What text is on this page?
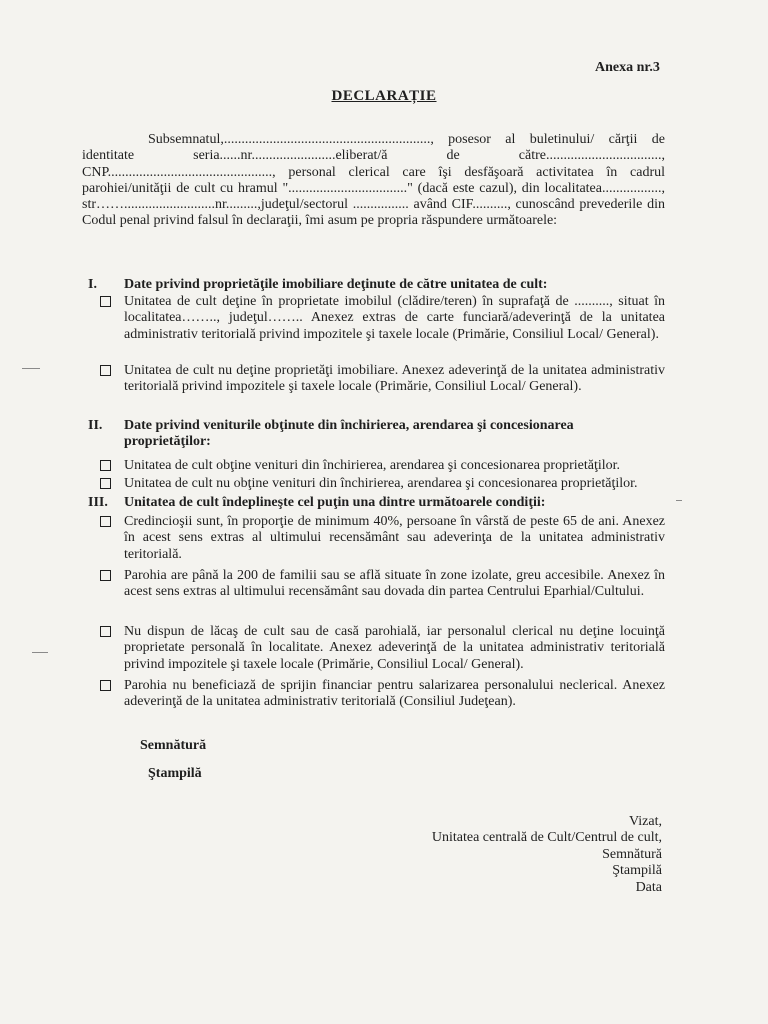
Anexa nr.3
DECLARAȚIE

Subsemnatul,..........................................................., posesor al buletinului/ cărţii de identitate seria......nr........................eliberat/ă de către................................., CNP..............................................., personal clerical care îşi desfăşoară activitatea în cadrul parohiei/unităţii de cult cu hramul ".................................." (dacă este cazul), din localitatea................., str……..........................nr.........,judeţul/sectorul ................ având CIF.........., cunoscând prevederile din Codul penal privind falsul în declaraţii, îmi asum pe propria răspundere următoarele:

I. Date privind proprietăţile imobiliare deţinute de către unitatea de cult:
Unitatea de cult deţine în proprietate imobilul (clădire/teren) în suprafaţă de .........., situat în localitatea…….., judeţul…….. Anexez extras de carte funciară/adeverinţă de la unitatea administrativ teritorială privind impozitele şi taxele locale (Primărie, Consiliul Local/ General).
Unitatea de cult nu deţine proprietăţi imobiliare. Anexez adeverinţă de la unitatea administrativ teritorială privind impozitele şi taxele locale (Primărie, Consiliul Local/ General).
II. Date privind veniturile obţinute din închirierea, arendarea şi concesionarea proprietăţilor:
Unitatea de cult obţine venituri din închirierea, arendarea şi concesionarea proprietăţilor.
Unitatea de cult nu obţine venituri din închirierea, arendarea şi concesionarea proprietăţilor.
III. Unitatea de cult îndeplineşte cel puţin una dintre următoarele condiţii:
Credincioşii sunt, în proporţie de minimum 40%, persoane în vârstă de peste 65 de ani. Anexez în acest sens extras al ultimului recensământ sau adeverinţa de la unitatea administrativ teritorială.
Parohia are până la 200 de familii sau se află situate în zone izolate, greu accesibile. Anexez în acest sens extras al ultimului recensământ sau dovada din partea Centrului Eparhial/Cultului.
Nu dispun de lăcaş de cult sau de casă parohială, iar personalul clerical nu deţine locuinţă proprietate personală în localitate. Anexez adeverinţă de la unitatea administrativ teritorială privind impozitele şi taxele locale (Primărie, Consiliul Local/ General).
Parohia nu beneficiază de sprijin financiar pentru salarizarea personalului neclerical. Anexez adeverinţă de la unitatea administrativ teritorială (Consiliul Judeţean).
Semnătură
Ştampilă
Vizat,
Unitatea centrală de Cult/Centrul de cult,
Semnătură
Ştampilă
Data
